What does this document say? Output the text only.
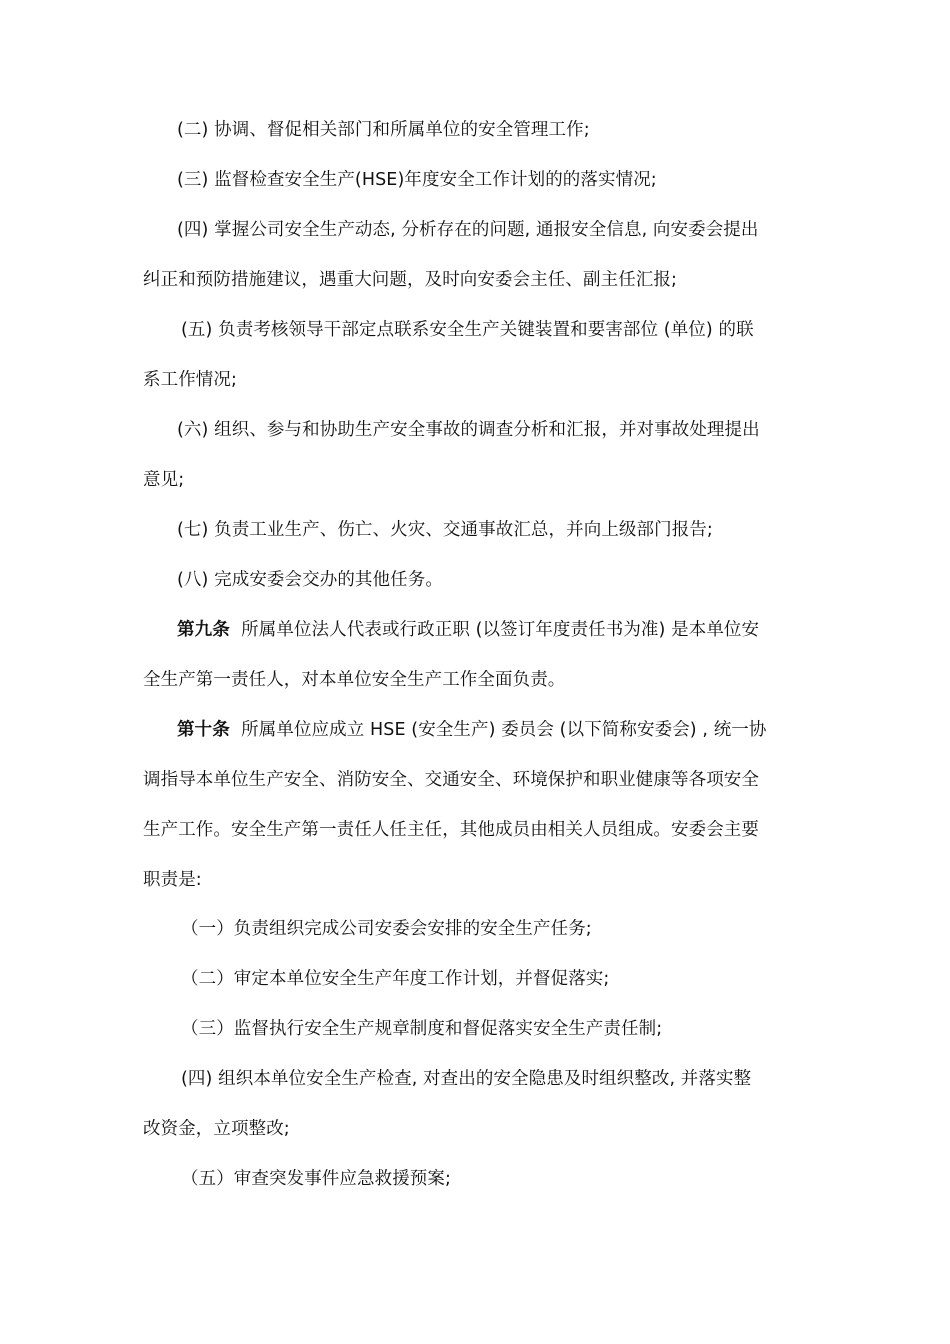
(二) 协调、督促相关部门和所属单位的安全管理工作;
(三) 监督检查安全生产(HSE)年度安全工作计划的的落实情况;
(四) 掌握公司安全生产动态, 分析存在的问题, 通报安全信息, 向安委会提出
纠正和预防措施建议，遇重大问题，及时向安委会主任、副主任汇报;
(五) 负责考核领导干部定点联系安全生产关键装置和要害部位 (单位) 的联
系工作情况;
(六) 组织、参与和协助生产安全事故的调查分析和汇报，并对事故处理提出
意见;
(七) 负责工业生产、伤亡、火灾、交通事故汇总，并向上级部门报告;
(八) 完成安委会交办的其他任务。
第九条 所属单位法人代表或行政正职 (以签订年度责任书为准) 是本单位安
全生产第一责任人，对本单位安全生产工作全面负责。
第十条 所属单位应成立 HSE (安全生产) 委员会 (以下简称安委会) , 统一协
调指导本单位生产安全、消防安全、交通安全、环境保护和职业健康等各项安全
生产工作。安全生产第一责任人任主任，其他成员由相关人员组成。安委会主要
职责是:
（一）负责组织完成公司安委会安排的安全生产任务;
（二）审定本单位安全生产年度工作计划，并督促落实;
（三）监督执行安全生产规章制度和督促落实安全生产责任制;
(四) 组织本单位安全生产检查, 对查出的安全隐患及时组织整改, 并落实整
改资金，立项整改;
（五）审查突发事件应急救援预案;
